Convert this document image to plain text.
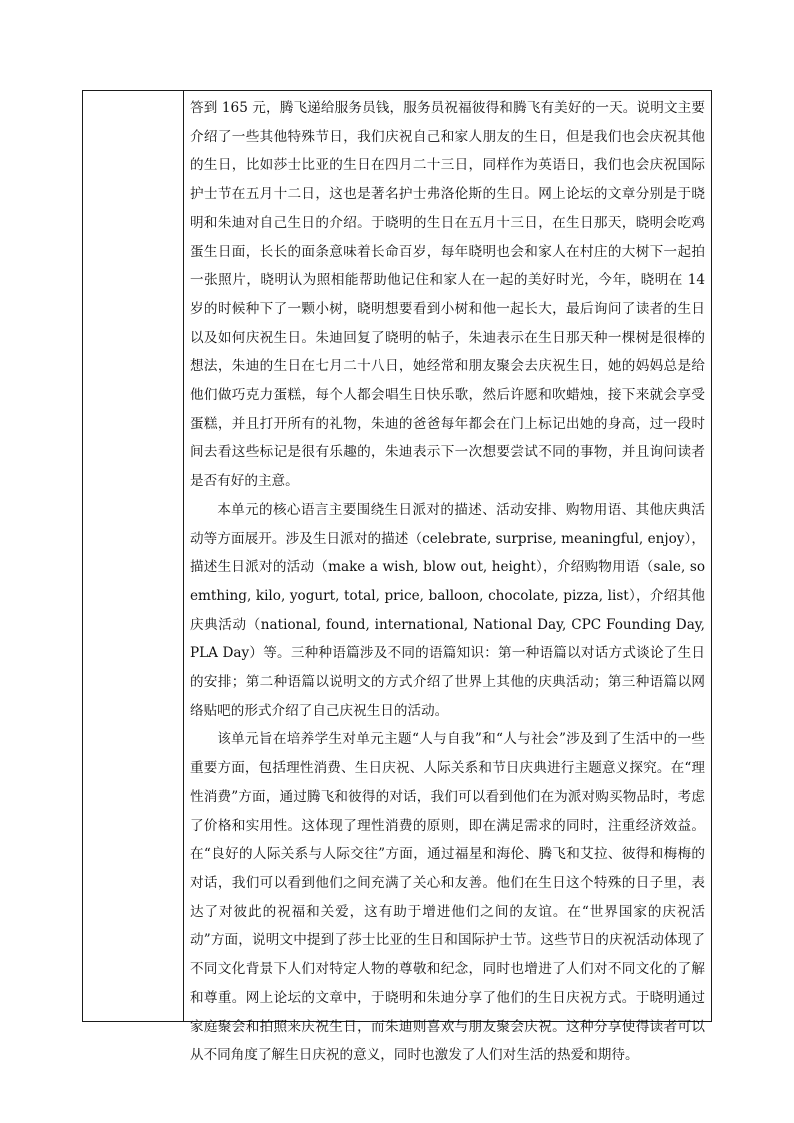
答到 165 元，腾飞递给服务员钱，服务员祝福彼得和腾飞有美好的一天。说明文主要介绍了一些其他特殊节日，我们庆祝自己和家人朋友的生日，但是我们也会庆祝其他的生日，比如莎士比亚的生日在四月二十三日，同样作为英语日，我们也会庆祝国际护士节在五月十二日，这也是著名护士弗洛伦斯的生日。网上论坛的文章分别是于晓明和朱迪对自己生日的介绍。于晓明的生日在五月十三日，在生日那天，晓明会吃鸡蛋生日面，长长的面条意味着长命百岁，每年晓明也会和家人在村庄的大树下一起拍一张照片，晓明认为照相能帮助他记住和家人在一起的美好时光，今年，晓明在 14 岁的时候种下了一颗小树，晓明想要看到小树和他一起长大，最后询问了读者的生日以及如何庆祝生日。朱迪回复了晓明的帖子，朱迪表示在生日那天种一棵树是很棒的想法，朱迪的生日在七月二十八日，她经常和朋友聚会去庆祝生日，她的妈妈总是给他们做巧克力蛋糕，每个人都会唱生日快乐歌，然后许愿和吹蜡烛，接下来就会享受蛋糕，并且打开所有的礼物，朱迪的爸爸每年都会在门上标记出她的身高，过一段时间去看这些标记是很有乐趣的，朱迪表示下一次想要尝试不同的事物，并且询问读者是否有好的主意。

本单元的核心语言主要围绕生日派对的描述、活动安排、购物用语、其他庆典活动等方面展开。涉及生日派对的描述（celebrate, surprise, meaningful, enjoy），描述生日派对的活动（make a wish, blow out, height），介绍购物用语（sale, soemthing, kilo, yogurt, total, price, balloon, chocolate, pizza, list），介绍其他庆典活动（national, found, international, National Day, CPC Founding Day, PLA Day）等。三种种语篇涉及不同的语篇知识：第一种语篇以对话方式谈论了生日的安排；第二种语篇以说明文的方式介绍了世界上其他的庆典活动；第三种语篇以网络贴吧的形式介绍了自己庆祝生日的活动。

该单元旨在培养学生对单元主题“人与自我”和“人与社会”涉及到了生活中的一些重要方面，包括理性消费、生日庆祝、人际关系和节日庆典进行主题意义探究。在“理性消费”方面，通过腾飞和彼得的对话，我们可以看到他们在为派对购买物品时，考虑了价格和实用性。这体现了理性消费的原则，即在满足需求的同时，注重经济效益。在“良好的人际关系与人际交往”方面，通过福星和海伦、腾飞和艾拉、彼得和梅梅的对话，我们可以看到他们之间充满了关心和友善。他们在生日这个特殊的日子里，表达了对彼此的祝福和关爱，这有助于增进他们之间的友谊。在“世界国家的庆祝活动”方面，说明文中提到了莎士比亚的生日和国际护士节。这些节日的庆祝活动体现了不同文化背景下人们对特定人物的尊敬和纪念，同时也增进了人们对不同文化的了解和尊重。网上论坛的文章中，于晓明和朱迪分享了他们的生日庆祝方式。于晓明通过家庭聚会和拍照来庆祝生日，而朱迪则喜欢与朋友聚会庆祝。这种分享使得读者可以从不同角度了解生日庆祝的意义，同时也激发了人们对生活的热爱和期待。
